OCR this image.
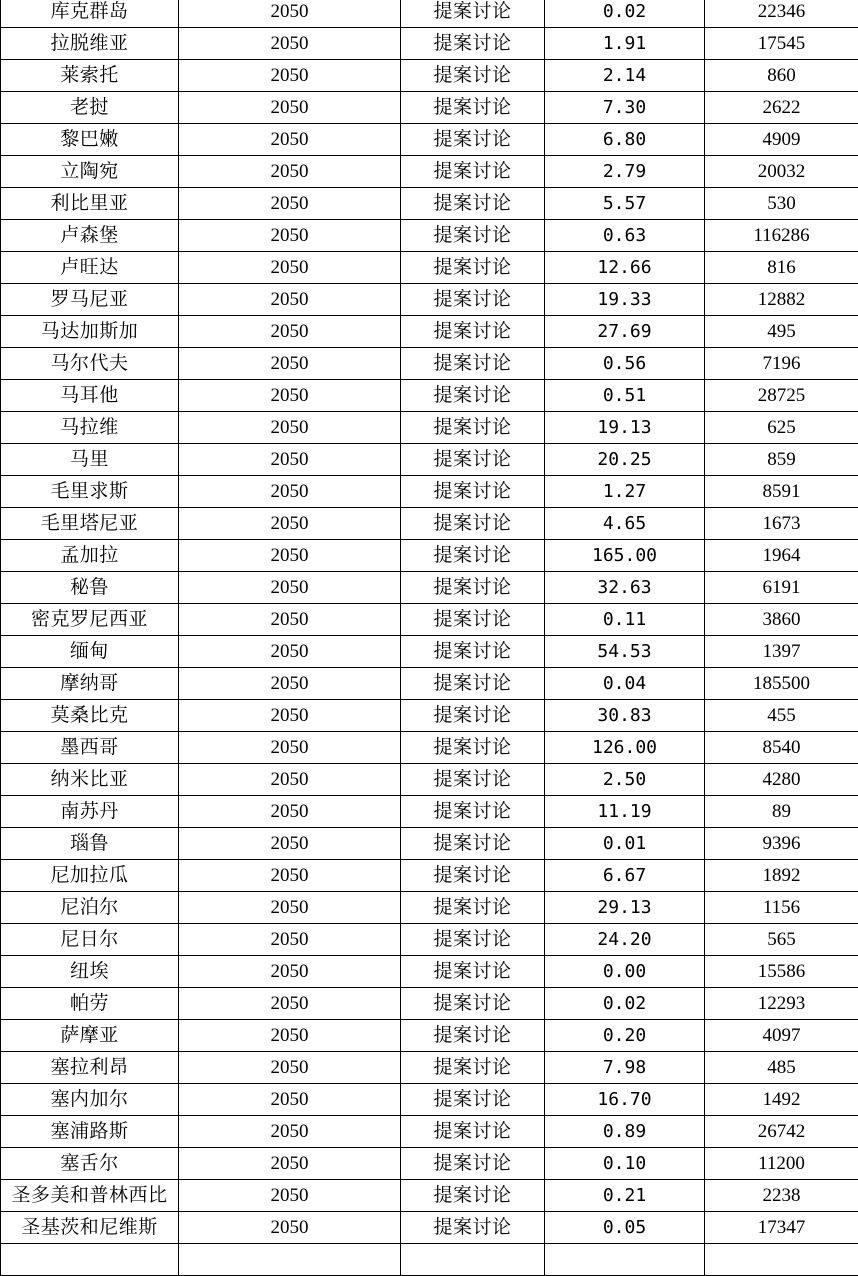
库克群岛	2050	提案讨论	0.02	22346
拉脱维亚	2050	提案讨论	1.91	17545
莱索托	2050	提案讨论	2.14	860
老挝	2050	提案讨论	7.30	2622
黎巴嫩	2050	提案讨论	6.80	4909
立陶宛	2050	提案讨论	2.79	20032
利比里亚	2050	提案讨论	5.57	530
卢森堡	2050	提案讨论	0.63	116286
卢旺达	2050	提案讨论	12.66	816
罗马尼亚	2050	提案讨论	19.33	12882
马达加斯加	2050	提案讨论	27.69	495
马尔代夫	2050	提案讨论	0.56	7196
马耳他	2050	提案讨论	0.51	28725
马拉维	2050	提案讨论	19.13	625
马里	2050	提案讨论	20.25	859
毛里求斯	2050	提案讨论	1.27	8591
毛里塔尼亚	2050	提案讨论	4.65	1673
孟加拉	2050	提案讨论	165.00	1964
秘鲁	2050	提案讨论	32.63	6191
密克罗尼西亚	2050	提案讨论	0.11	3860
缅甸	2050	提案讨论	54.53	1397
摩纳哥	2050	提案讨论	0.04	185500
莫桑比克	2050	提案讨论	30.83	455
墨西哥	2050	提案讨论	126.00	8540
纳米比亚	2050	提案讨论	2.50	4280
南苏丹	2050	提案讨论	11.19	89
瑙鲁	2050	提案讨论	0.01	9396
尼加拉瓜	2050	提案讨论	6.67	1892
尼泊尔	2050	提案讨论	29.13	1156
尼日尔	2050	提案讨论	24.20	565
纽埃	2050	提案讨论	0.00	15586
帕劳	2050	提案讨论	0.02	12293
萨摩亚	2050	提案讨论	0.20	4097
塞拉利昂	2050	提案讨论	7.98	485
塞内加尔	2050	提案讨论	16.70	1492
塞浦路斯	2050	提案讨论	0.89	26742
塞舌尔	2050	提案讨论	0.10	11200
圣多美和普林西比	2050	提案讨论	0.21	2238
圣基茨和尼维斯	2050	提案讨论	0.05	17347
